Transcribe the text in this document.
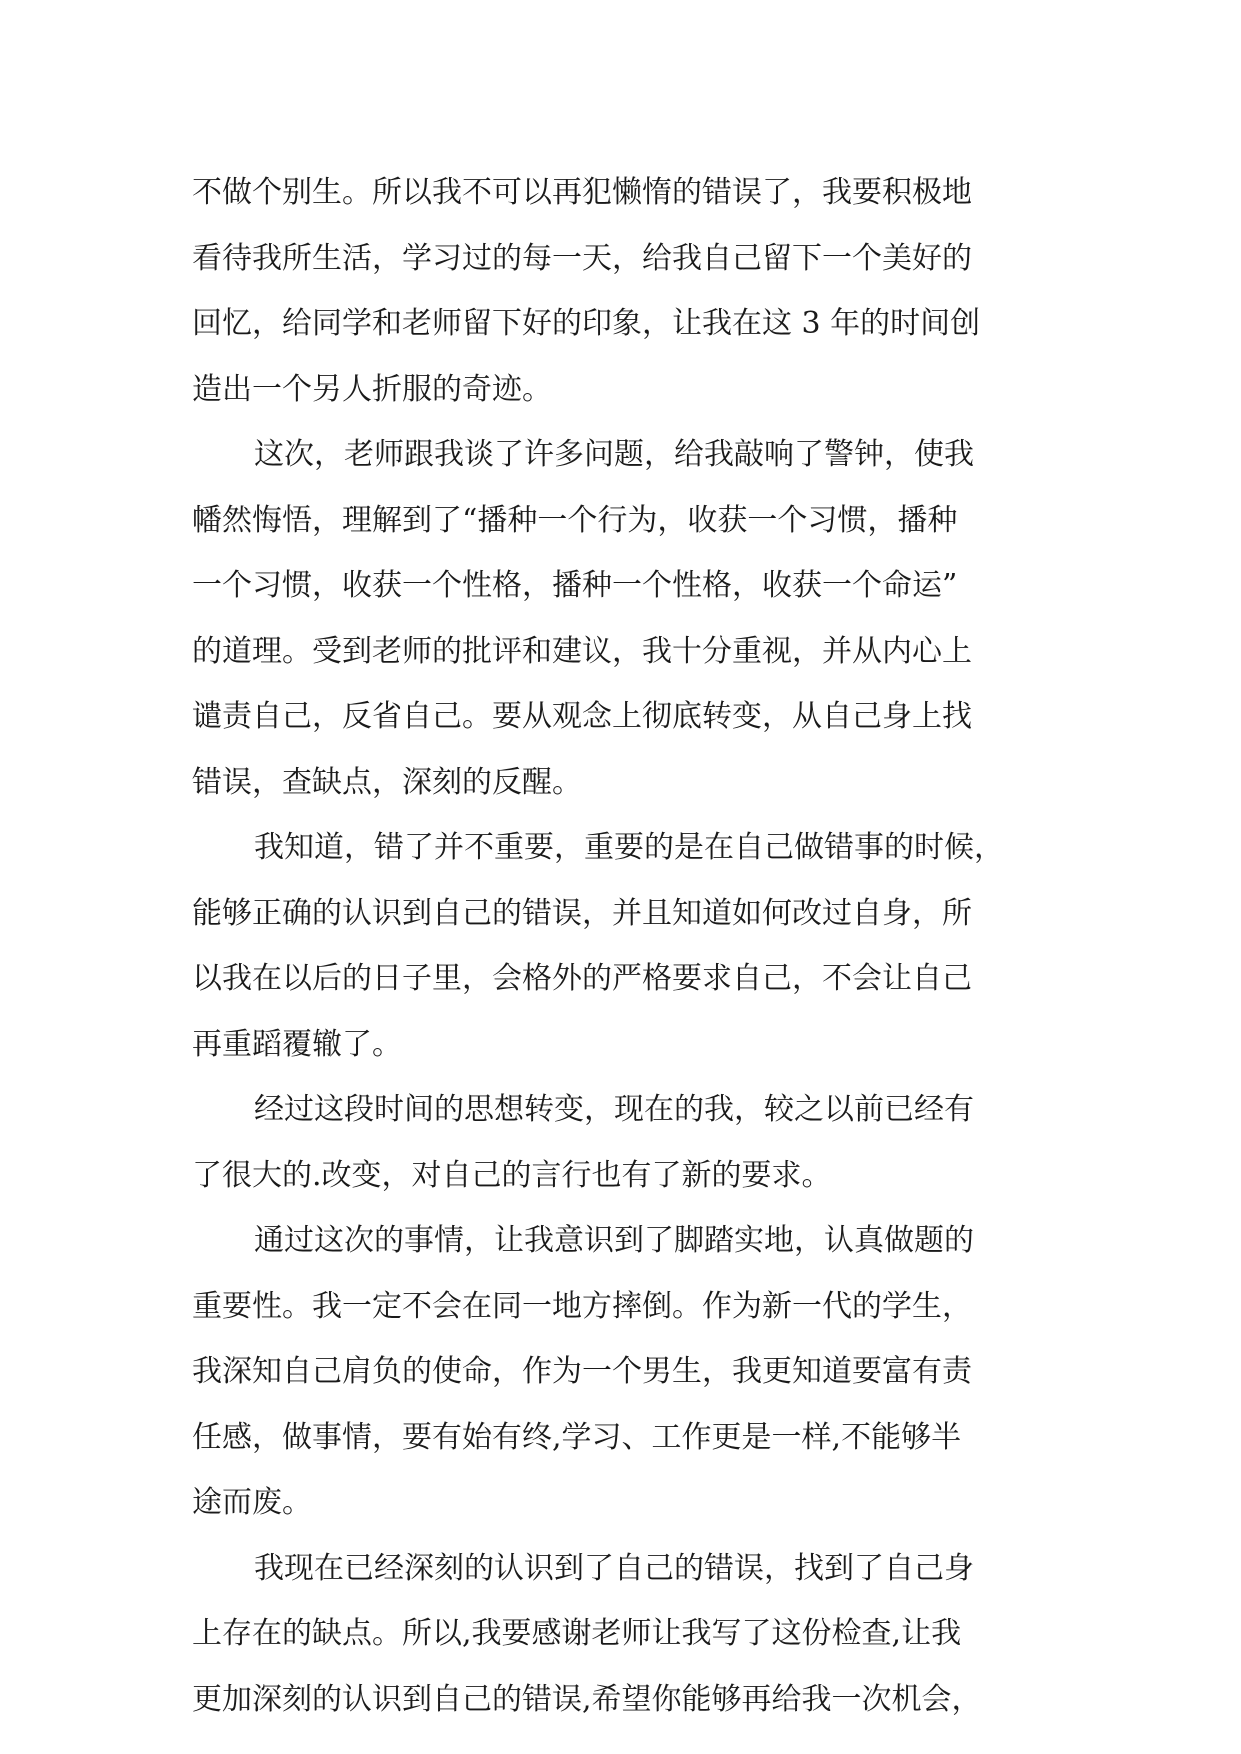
不做个别生。所以我不可以再犯懒惰的错误了，我要积极地
看待我所生活，学习过的每一天，给我自己留下一个美好的
回忆，给同学和老师留下好的印象，让我在这 3 年的时间创
造出一个另人折服的奇迹。
这次，老师跟我谈了许多问题，给我敲响了警钟，使我
幡然悔悟，理解到了“播种一个行为，收获一个习惯，播种
一个习惯，收获一个性格，播种一个性格，收获一个命运”
的道理。受到老师的批评和建议，我十分重视，并从内心上
谴责自己，反省自己。要从观念上彻底转变，从自己身上找
错误，查缺点，深刻的反醒。
我知道，错了并不重要，重要的是在自己做错事的时候，
能够正确的认识到自己的错误，并且知道如何改过自身，所
以我在以后的日子里，会格外的严格要求自己，不会让自己
再重蹈覆辙了。
经过这段时间的思想转变，现在的我，较之以前已经有
了很大的.改变，对自己的言行也有了新的要求。
通过这次的事情，让我意识到了脚踏实地，认真做题的
重要性。我一定不会在同一地方摔倒。作为新一代的学生，
我深知自己肩负的使命，作为一个男生，我更知道要富有责
任感，做事情，要有始有终,学习、工作更是一样,不能够半
途而废。
我现在已经深刻的认识到了自己的错误，找到了自己身
上存在的缺点。所以,我要感谢老师让我写了这份检查,让我
更加深刻的认识到自己的错误,希望你能够再给我一次机会，
